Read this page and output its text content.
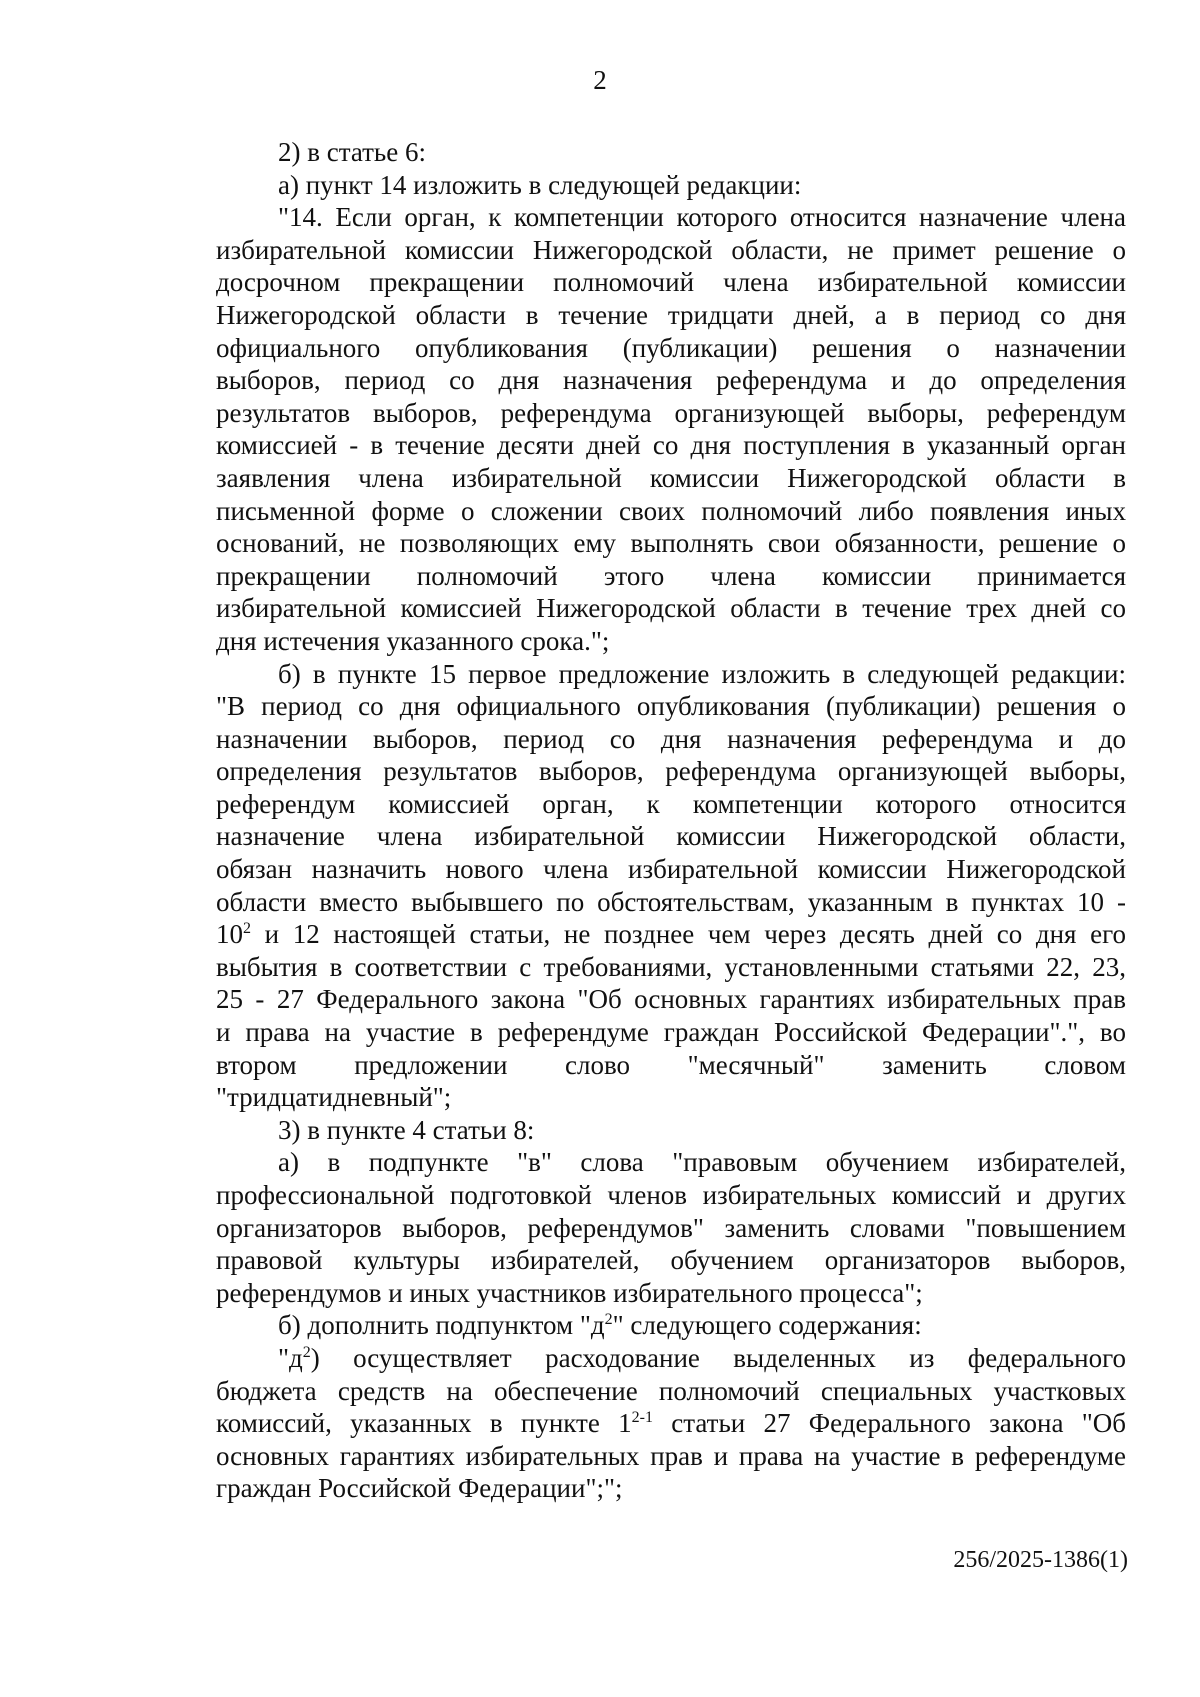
2

2) в статье 6:

а) пункт 14 изложить в следующей редакции:

"14. Если орган, к компетенции которого относится назначение члена
избирательной комиссии Нижегородской области, не примет решение о
досрочном прекращении полномочий члена избирательной комиссии
Нижегородской области в течение тридцати дней, а в период со дня
официального опубликования (публикации) решения о назначении
выборов, период со дня назначения референдума и до определения
результатов выборов, референдума организующей выборы, референдум
комиссией - в течение десяти дней со дня поступления в указанный орган
заявления члена избирательной комиссии Нижегородской области в
письменной форме о сложении своих полномочий либо появления иных
оснований, не позволяющих ему выполнять свои обязанности, решение о
прекращении полномочий этого члена комиссии принимается
избирательной комиссией Нижегородской области в течение трех дней со
дня истечения указанного срока.";
б) в пункте 15 первое предложение изложить в следующей редакции:
"В период со дня официального опубликования (публикации) решения о
назначении выборов, период со дня назначения референдума и до
определения результатов выборов, референдума организующей выборы,
референдум комиссией орган, к компетенции которого относится
назначение члена избирательной комиссии Нижегородской области,
обязан назначить нового члена избирательной комиссии Нижегородской
области вместо выбывшего по обстоятельствам, указанным в пунктах 10 -
$10^2$ и 12 настоящей статьи, не позднее чем через десять дней со дня его
выбытия в соответствии с требованиями, установленными статьями 22, 23,
25 - 27 Федерального закона "Об основных гарантиях избирательных прав
и права на участие в референдуме граждан Российской Федерации".", во
втором предложении слово "месячный" заменить словом
"тридцатидневный";

3) в пункте 4 статьи 8:

а) в подпункте "в" слова "правовым обучением избирателей,
профессиональной подготовкой членов избирательных комиссий и других
организаторов выборов, референдумов" заменить словами "повышением
правовой культуры избирателей, обучением организаторов выборов,
референдумов и иных участников избирательного процесса";

б) дополнить подпунктом "$д^2$" следующего содержания:

"$д^2$) осуществляет расходование выделенных из федерального
бюджета средств на обеспечение полномочий специальных участковых
комиссий, указанных в пункте 1$^{2-1}$ статьи 27 Федерального закона "Об
основных гарантиях избирательных прав и права на участие в референдуме
граждан Российской Федерации";";
256/2025-1386(1)
